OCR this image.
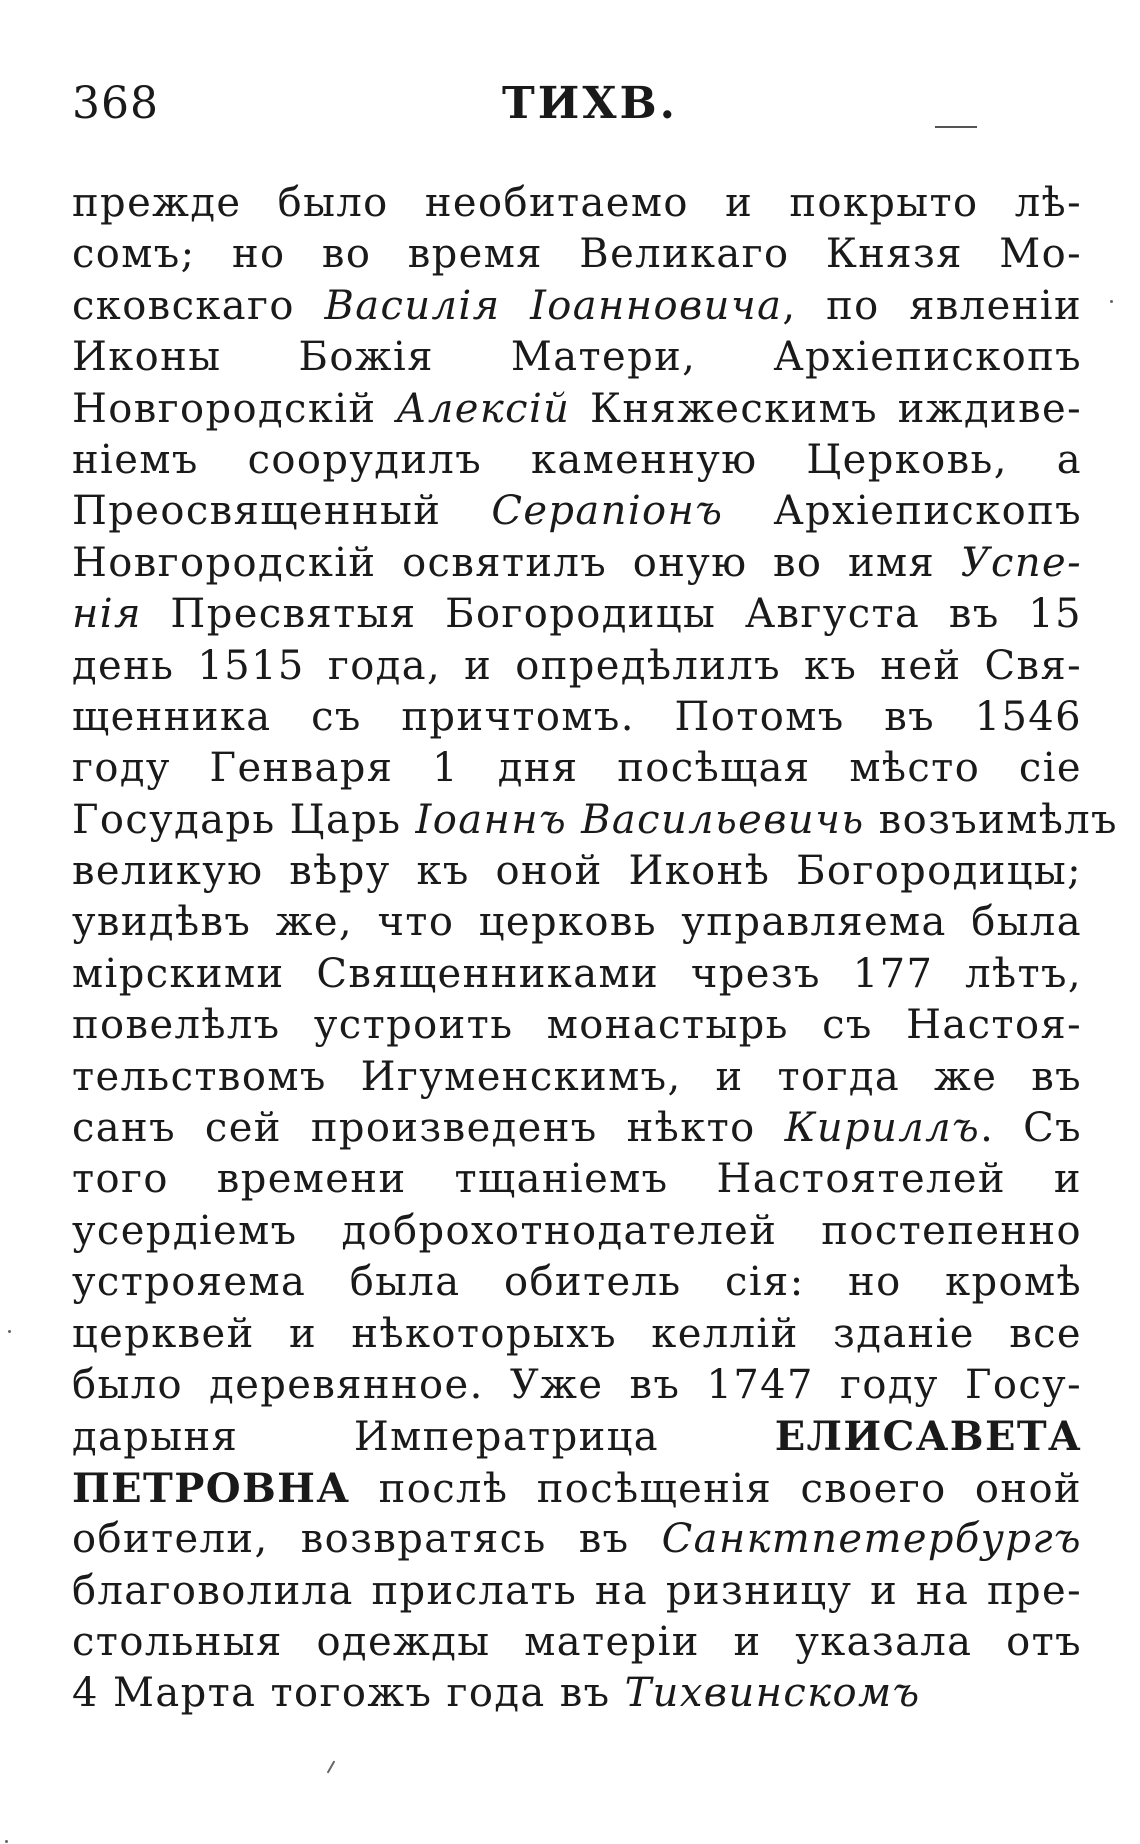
368	ТИХВ.
прежде было необитаемо и покрыто лѣ-
сомъ; но во время Великаго Князя Мо-
сковскаго Василія Іоанновича, по явленіи
Иконы Божія Матери, Архіепископъ
Новгородскій Алексій Княжескимъ иждиве-
ніемъ соорудилъ каменную Церковь, а
Преосвященный Серапіонъ Архіепископъ
Новгородскій освятилъ оную во имя Успе-
нія Пресвятыя Богородицы Августа въ 15
день 1515 года, и опредѣлилъ къ ней Свя-
щенника съ причтомъ. Потомъ въ 1546
году Генваря 1 дня посѣщая мѣсто сіе
Государь Царь Іоаннъ Васильевичь возъимѣлъ
великую вѣру къ оной Иконѣ Богородицы;
увидѣвъ же, что церковь управляема была
мірскими Священниками чрезъ 177 лѣтъ,
повелѣлъ устроить монастырь съ Настоя-
тельствомъ Игуменскимъ, и тогда же въ
санъ сей произведенъ нѣкто Кириллъ. Съ
того времени тщаніемъ Настоятелей и
усердіемъ доброхотнодателей постепенно
устрояема была обитель сія: но кромѣ
церквей и нѣкоторыхъ келлій зданіе все
было деревянное. Уже въ 1747 году Госу-
дарыня Императрица ЕЛИСАВЕТА
ПЕТРОВНА послѣ посѣщенія своего оной
обители, возвратясь въ Санктпетербургъ
благоволила прислать на ризницу и на пре-
стольныя одежды матеріи и указала отъ
4 Марта тогожъ года въ Тихвинскомъ
